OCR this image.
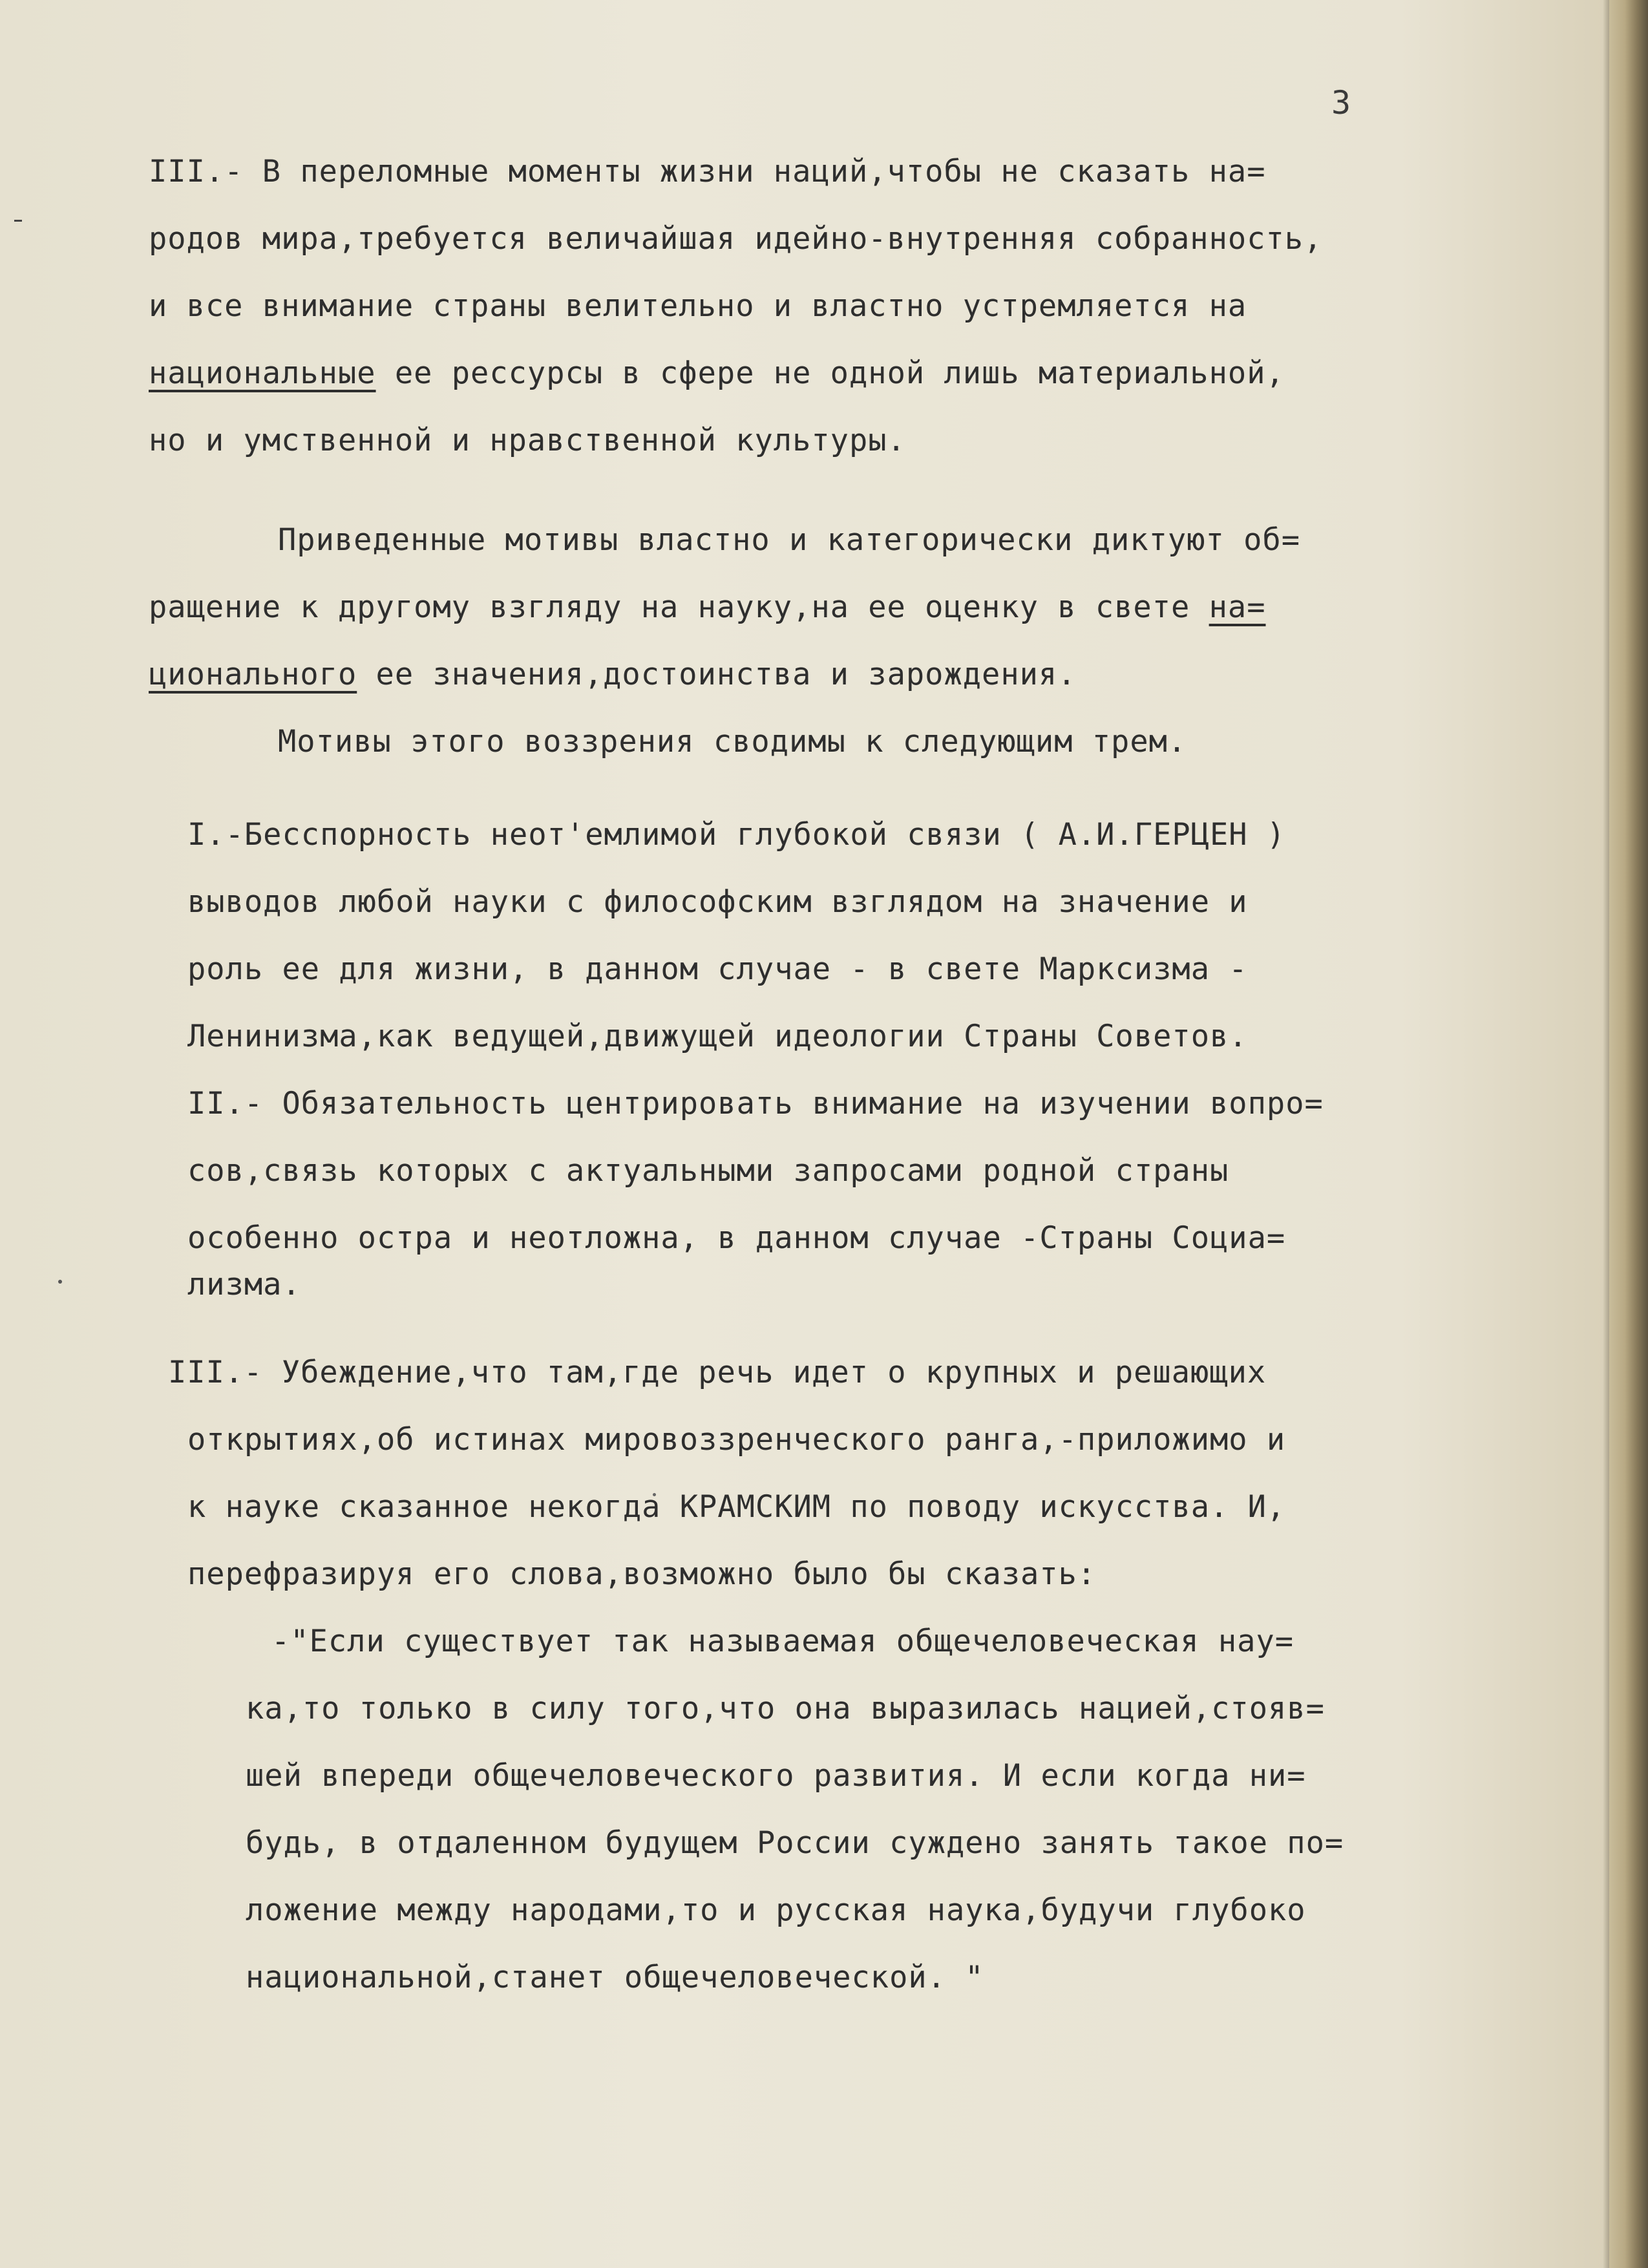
3

III.- В переломные моменты жизни наций,чтобы не сказать на=

родов мира,требуется величайшая идейно-внутренняя собранность,

и все внимание страны велительно и властно устремляется на

национальные ее рессурсы в сфере не одной лишь материальной,

но и умственной и нравственной культуры.

Приведенные мотивы властно и категорически диктуют об=

ращение к другому взгляду на науку,на ее оценку в свете на=

ционального ее значения,достоинства и зарождения.

Мотивы этого воззрения сводимы к следующим трем.

I.-Бесспорность неот'емлимой глубокой связи ( А.И.ГЕРЦЕН )

выводов любой науки с философским взглядом на значение и

роль ее для жизни, в данном случае - в свете Марксизма -

Ленинизма,как ведущей,движущей идеологии Страны Советов.

II.- Обязательность центрировать внимание на изучении вопро=

сов,связь которых с актуальными запросами родной страны

особенно остра и неотложна, в данном случае -Страны Социа=

лизма.

III.- Убеждение,что там,где речь идет о крупных и решающих

открытиях,об истинах мировоззренческого ранга,-приложимо и

к науке сказанное некогда КРАМСКИМ по поводу искусства. И,

перефразируя его слова,возможно было бы сказать:

-"Если существует так называемая общечеловеческая нау=

ка,то только в силу того,что она выразилась нацией,стояв=

шей впереди общечеловеческого развития. И если когда ни=

будь, в отдаленном будущем России суждено занять такое по=

ложение между народами,то и русская наука,будучи глубоко

национальной,станет общечеловеческой. "
